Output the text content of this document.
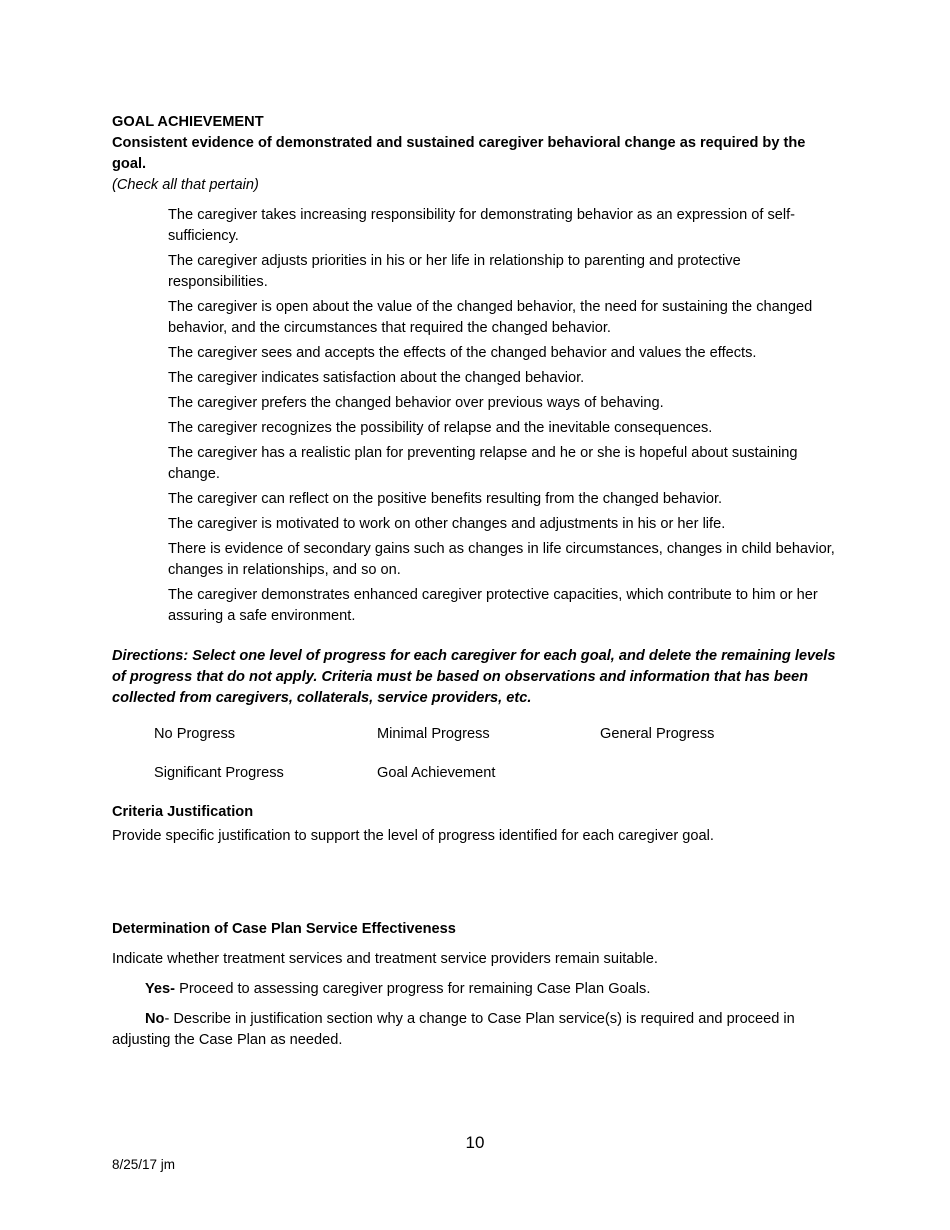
GOAL ACHIEVEMENT

Consistent evidence of demonstrated and sustained caregiver behavioral change as required by the goal.

(Check all that pertain)

The caregiver takes increasing responsibility for demonstrating behavior as an expression of self-sufficiency.
The caregiver adjusts priorities in his or her life in relationship to parenting and protective responsibilities.
The caregiver is open about the value of the changed behavior, the need for sustaining the changed behavior, and the circumstances that required the changed behavior.
The caregiver sees and accepts the effects of the changed behavior and values the effects.
The caregiver indicates satisfaction about the changed behavior.
The caregiver prefers the changed behavior over previous ways of behaving.
The caregiver recognizes the possibility of relapse and the inevitable consequences.
The caregiver has a realistic plan for preventing relapse and he or she is hopeful about sustaining change.
The caregiver can reflect on the positive benefits resulting from the changed behavior.
The caregiver is motivated to work on other changes and adjustments in his or her life.
There is evidence of secondary gains such as changes in life circumstances, changes in child behavior, changes in relationships, and so on.
The caregiver demonstrates enhanced caregiver protective capacities, which contribute to him or her assuring a safe environment.

Directions: Select one level of progress for each caregiver for each goal, and delete the remaining levels of progress that do not apply. Criteria must be based on observations and information that has been collected from caregivers, collaterals, service providers, etc.

No Progress	Minimal Progress	General Progress
Significant Progress	Goal Achievement

Criteria Justification

Provide specific justification to support the level of progress identified for each caregiver goal.

Determination of Case Plan Service Effectiveness

Indicate whether treatment services and treatment service providers remain suitable.

Yes- Proceed to assessing caregiver progress for remaining Case Plan Goals.

No- Describe in justification section why a change to Case Plan service(s) is required and proceed in adjusting the Case Plan as needed.

10
8/25/17 jm
